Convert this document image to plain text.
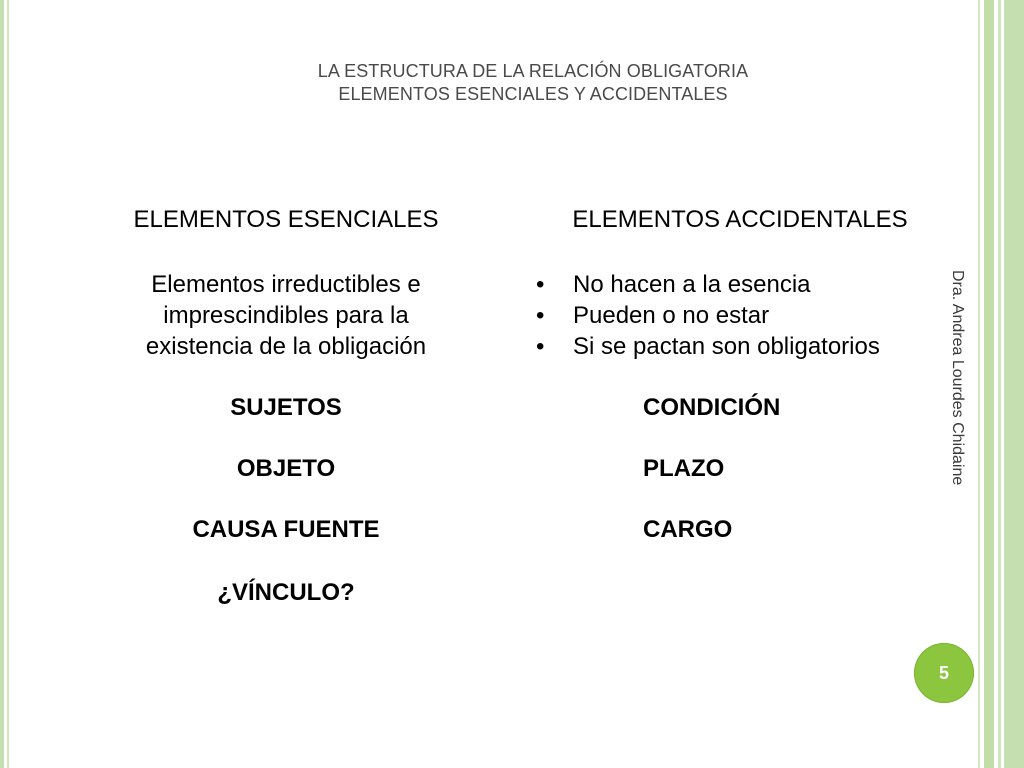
LA ESTRUCTURA DE LA RELACIÓN OBLIGATORIA
ELEMENTOS ESENCIALES Y ACCIDENTALES
ELEMENTOS ESENCIALES	ELEMENTOS ACCIDENTALES
Elementos irreductibles e
imprescindibles para la
existencia de la obligación
• No hacen a la esencia
• Pueden o no estar
• Si se pactan son obligatorios
SUJETOS
OBJETO
CAUSA FUENTE
¿VÍNCULO?
CONDICIÓN
PLAZO
CARGO
Dra. Andrea Lourdes Chidaine
5
